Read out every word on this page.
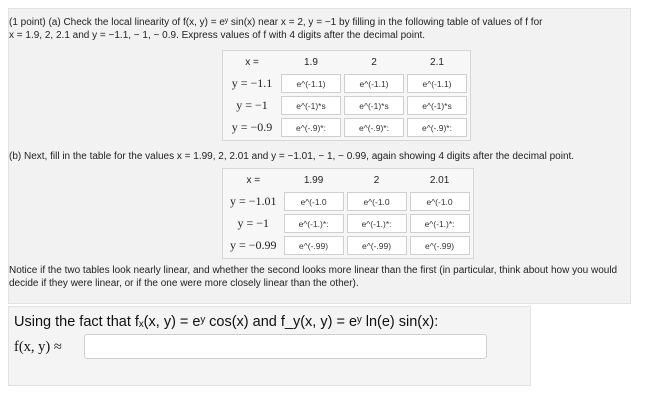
(1 point) (a) Check the local linearity of f(x, y) = eʸ sin(x) near x = 2, y = −1 by filling in the following table of values of f for
x = 1.9, 2, 2.1 and y = −1.1, − 1, − 0.9. Express values of f with 4 digits after the decimal point.
x =	1.9	2	2.1
y = −1.1	e^(-1.1)	e^(-1.1)	e^(-1.1)
y = −1	e^(-1)*s	e^(-1)*s	e^(-1)*s
y = −0.9	e^(-.9)*:	e^(-.9)*:	e^(-.9)*:
(b) Next, fill in the table for the values x = 1.99, 2, 2.01 and y = −1.01, − 1, − 0.99, again showing 4 digits after the decimal point.
x =	1.99	2	2.01
y = −1.01	e^(-1.0	e^(-1.0	e^(-1.0
y = −1	e^(-1.)*:	e^(-1.)*:	e^(-1.)*:
y = −0.99	e^(-.99)	e^(-.99)	e^(-.99)
Notice if the two tables look nearly linear, and whether the second looks more linear than the first (in particular, think about how you would
decide if they were linear, or if the one were more closely linear than the other).
Using the fact that fₓ(x, y) = eʸ cos(x) and f_y(x, y) = eʸ ln(e) sin(x):
f(x, y) ≈
